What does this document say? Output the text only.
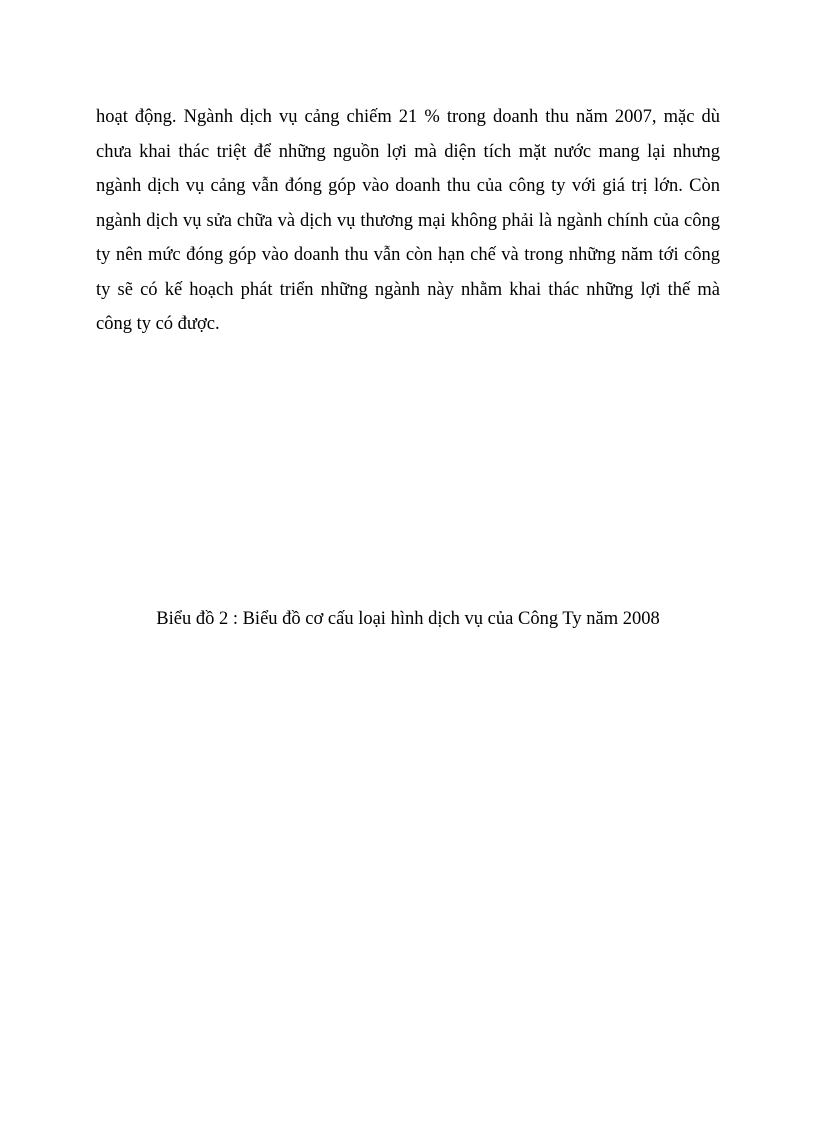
hoạt động. Ngành dịch vụ cảng chiếm 21 % trong doanh thu năm 2007, mặc dù
chưa khai thác triệt để những nguồn lợi mà diện tích mặt nước mang lại nhưng
ngành dịch vụ cảng vẫn đóng góp vào doanh thu của công ty với giá trị lớn. Còn
ngành dịch vụ sửa chữa và dịch vụ thương mại không phải là ngành chính của công
ty nên mức đóng góp vào doanh thu vẫn còn hạn chế và trong những năm tới công
ty sẽ có kế hoạch phát triển những ngành này nhằm khai thác những lợi thế mà
công ty có được.
Biểu đồ 2 : Biểu đồ cơ cấu loại hình dịch vụ của Công Ty năm 2008
